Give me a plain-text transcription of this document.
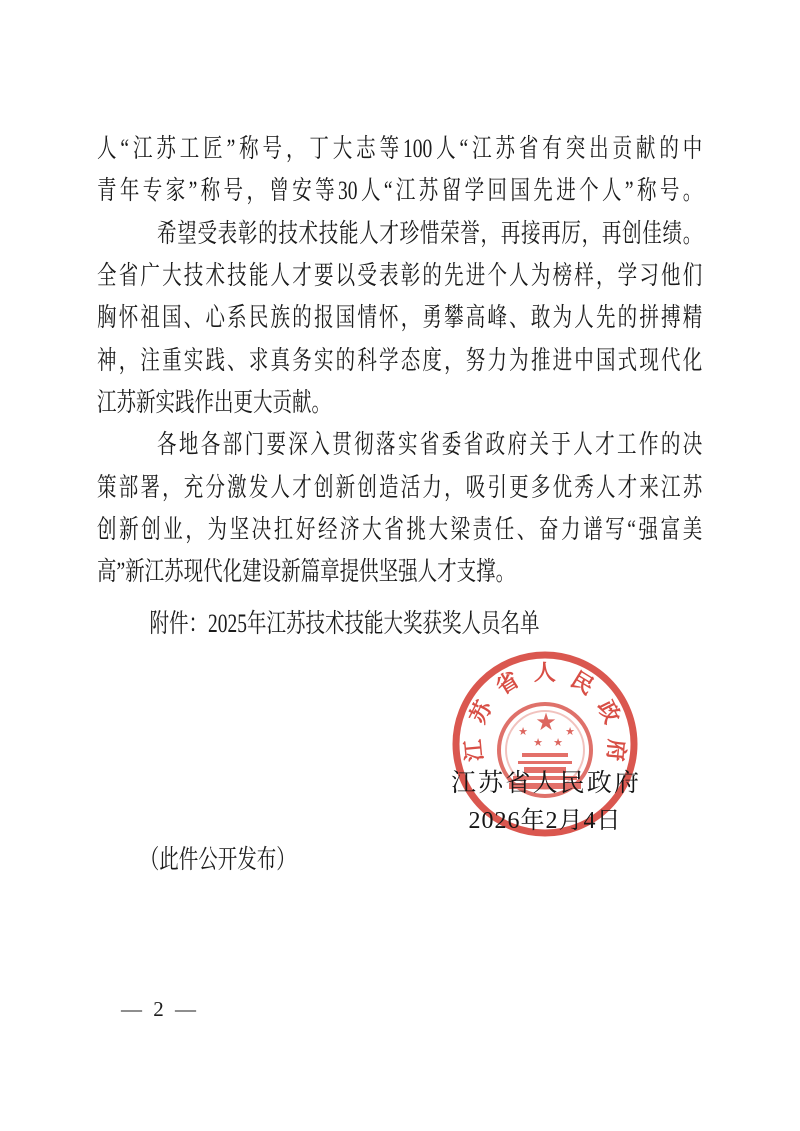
人“江苏工匠”称号，丁大志等100人“江苏省有突出贡献的中
青年专家”称号，曾安等30人“江苏留学回国先进个人”称号。
希望受表彰的技术技能人才珍惜荣誉，再接再厉，再创佳绩。
全省广大技术技能人才要以受表彰的先进个人为榜样，学习他们
胸怀祖国、心系民族的报国情怀，勇攀高峰、敢为人先的拼搏精
神，注重实践、求真务实的科学态度，努力为推进中国式现代化
江苏新实践作出更大贡献。
各地各部门要深入贯彻落实省委省政府关于人才工作的决
策部署，充分激发人才创新创造活力，吸引更多优秀人才来江苏
创新创业，为坚决扛好经济大省挑大梁责任、奋力谱写“强富美
高”新江苏现代化建设新篇章提供坚强人才支撑。
附件：2025年江苏技术技能大奖获奖人员名单
江苏省人民政府
★
★
★ ★
★
江苏省人民政府
2026年2月4日
（此件公开发布）
— 2 —
